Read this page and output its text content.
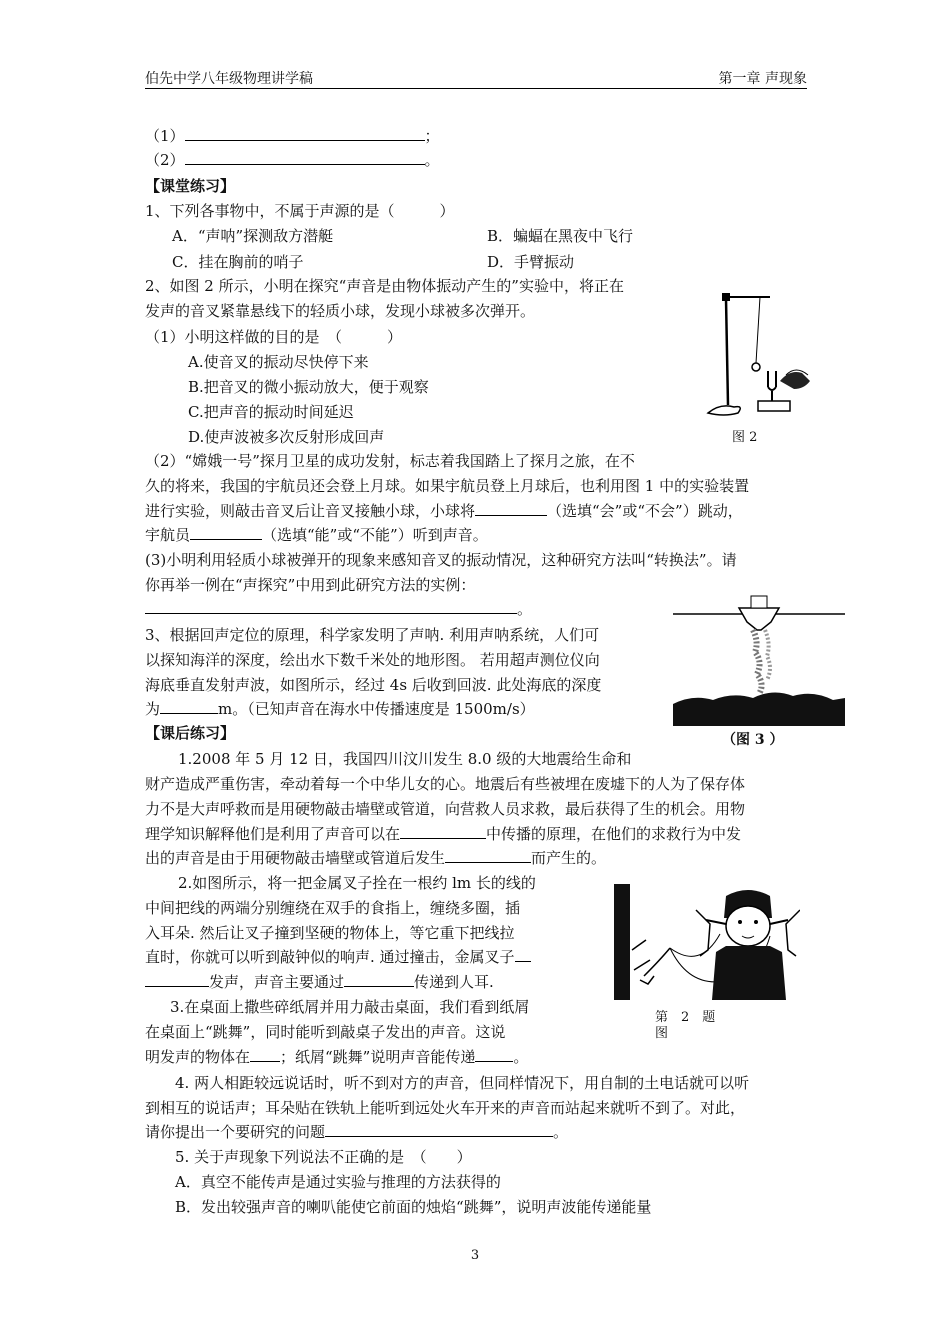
伯先中学八年级物理讲学稿	第一章 声现象
（1）	；
（2）	。
【课堂练习】
1、下列各事物中，不属于声源的是（　　　）
A．“声呐”探测敌方潜艇	B．蝙蝠在黑夜中飞行
C．挂在胸前的哨子	D．手臂振动
2、如图 2 所示，小明在探究“声音是由物体振动产生的”实验中，将正在
发声的音叉紧靠悬线下的轻质小球，发现小球被多次弹开。
（1）小明这样做的目的是　（　　　）
A.使音叉的振动尽快停下来
B.把音叉的微小振动放大，便于观察
C.把声音的振动时间延迟
D.使声波被多次反射形成回声	图 2
（2）“嫦娥一号”探月卫星的成功发射，标志着我国踏上了探月之旅，在不
久的将来，我国的宇航员还会登上月球。如果宇航员登上月球后，也利用图 1 中的实验装置
进行实验，则敲击音叉后让音叉接触小球，小球将	（选填“会”或“不会”）跳动，
宇航员	（选填“能”或“不能”）听到声音。
(3)小明利用轻质小球被弹开的现象来感知音叉的振动情况，这种研究方法叫“转换法”。请
你再举一例在“声探究”中用到此研究方法的实例：
。
3、根据回声定位的原理，科学家发明了声呐. 利用声呐系统，人们可
以探知海洋的深度，绘出水下数千米处的地形图。 若用超声测位仪向
海底垂直发射声波，如图所示，经过 4s 后收到回波. 此处海底的深度
为	m。（已知声音在海水中传播速度是 1500m/s）
（图 3 ）
【课后练习】
1.2008 年 5 月 12 日，我国四川汶川发生 8.0 级的大地震给生命和
财产造成严重伤害，牵动着每一个中华儿女的心。地震后有些被埋在废墟下的人为了保存体
力不是大声呼救而是用硬物敲击墙壁或管道，向营救人员求救，最后获得了生的机会。用物
理学知识解释他们是利用了声音可以在	中传播的原理，在他们的求救行为中发
出的声音是由于用硬物敲击墙壁或管道后发生	而产生的。
2.如图所示，将一把金属叉子拴在一根约 lm 长的线的
中间把线的两端分别缠绕在双手的食指上，缠绕多圈，插
入耳朵. 然后让叉子撞到坚硬的物体上，等它重下把线拉
直时，你就可以听到敲钟似的响声. 通过撞击，金属叉子
发声，声音主要通过	传递到人耳.
第　2　题
图
3.在桌面上撒些碎纸屑并用力敲击桌面，我们看到纸屑
在桌面上“跳舞”，同时能听到敲桌子发出的声音。这说
明发声的物体在 ；纸屑“跳舞”说明声音能传递	。
4. 两人相距较远说话时，听不到对方的声音，但同样情况下，用自制的土电话就可以听
到相互的说话声；耳朵贴在铁轨上能听到远处火车开来的声音而站起来就听不到了。对此，
请你提出一个要研究的问题	。
5. 关于声现象下列说法不正确的是　（　　）
A．真空不能传声是通过实验与推理的方法获得的
B．发出较强声音的喇叭能使它前面的烛焰“跳舞”，说明声波能传递能量
3
